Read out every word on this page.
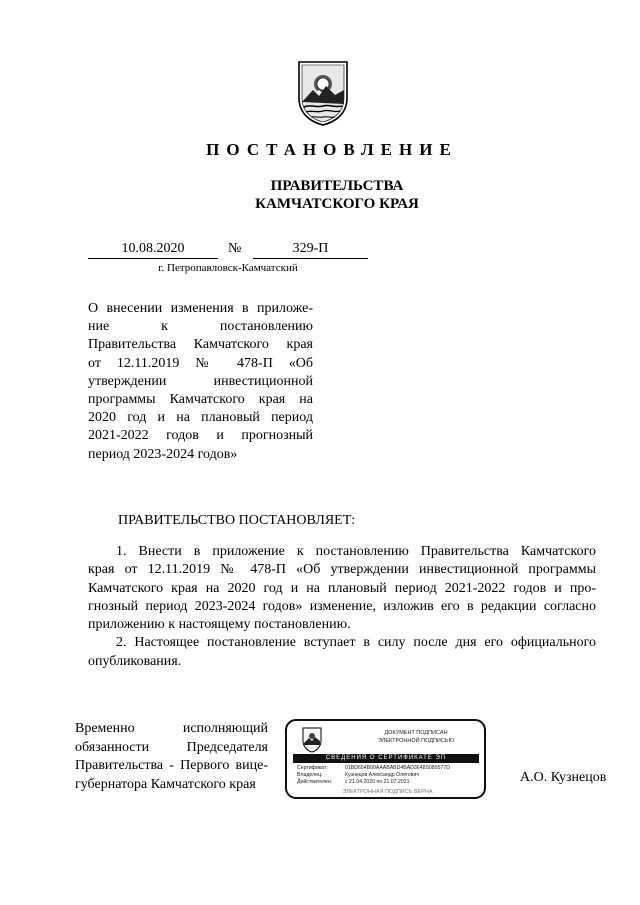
ПОСТАНОВЛЕНИЕ
ПРАВИТЕЛЬСТВА
КАМЧАТСКОГО КРАЯ
10.08.2020	№	329-П
г. Петропавловск-Камчатский
О внесении изменения в приложе-
ние к постановлению
Правительства Камчатского края
от 12.11.2019 № 478-П «Об
утверждении инвестиционной
программы Камчатского края на
2020 год и на плановый период
2021-2022 годов и прогнозный
период 2023-2024 годов»
ПРАВИТЕЛЬСТВО ПОСТАНОВЛЯЕТ:
1. Внести в приложение к постановлению Правительства Камчатского
края от 12.11.2019 № 478-П «Об утверждении инвестиционной программы
Камчатского края на 2020 год и на плановый период 2021-2022 годов и про-
гнозный период 2023-2024 годов» изменение, изложив его в редакции согласно
приложению к настоящему постановлению.
2. Настоящее постановление вступает в силу после дня его официального
опубликования.
Временно исполняющий
обязанности Председателя
Правительства - Первого вице-
губернатора Камчатского края
ДОКУМЕНТ ПОДПИСАН
ЭЛЕКТРОННОЙ ПОДПИСЬЮ
СВЕДЕНИЯ О СЕРТИФИКАТЕ ЭП
Сертификат:	01BD654B00AAABABD4BAD3648S089577D
Владелец:	Кузнецов Александр Олегович
Действителен:	с 21.04.2020 по 21.07.2021
ЭЛЕКТРОННАЯ ПОДПИСЬ ВЕРНА
А.О. Кузнецов
